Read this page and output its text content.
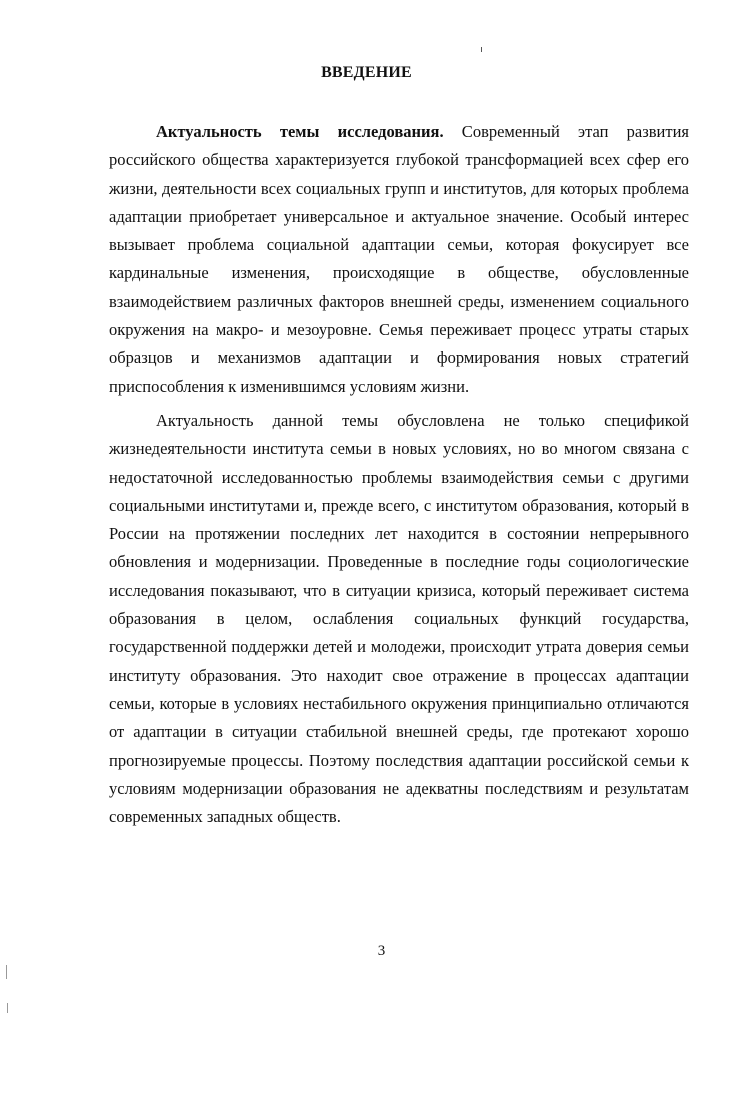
ВВЕДЕНИЕ

Актуальность темы исследования. Современный этап развития российского общества характеризуется глубокой трансформацией всех сфер его жизни, деятельности всех социальных групп и институтов, для которых проблема адаптации приобретает универсальное и актуальное значение. Особый интерес вызывает проблема социальной адаптации семьи, которая фокусирует все кардинальные изменения, происходящие в обществе, обусловленные взаимодействием различных факторов внешней среды, изменением социального окружения на макро- и мезоуровне. Семья переживает процесс утраты старых образцов и механизмов адаптации и формирования новых стратегий приспособления к изменившимся условиям жизни.

Актуальность данной темы обусловлена не только спецификой жизнедеятельности института семьи в новых условиях, но во многом связана с недостаточной исследованностью проблемы взаимодействия семьи с другими социальными институтами и, прежде всего, с институтом образования, который в России на протяжении последних лет находится в состоянии непрерывного обновления и модернизации. Проведенные в последние годы социологические исследования показывают, что в ситуации кризиса, который переживает система образования в целом, ослабления социальных функций государства, государственной поддержки детей и молодежи, происходит утрата доверия семьи институту образования. Это находит свое отражение в процессах адаптации семьи, которые в условиях нестабильного окружения принципиально отличаются от адаптации в ситуации стабильной внешней среды, где протекают хорошо прогнозируемые процессы. Поэтому последствия адаптации российской семьи к условиям модернизации образования не адекватны последствиям и результатам современных западных обществ.

3
